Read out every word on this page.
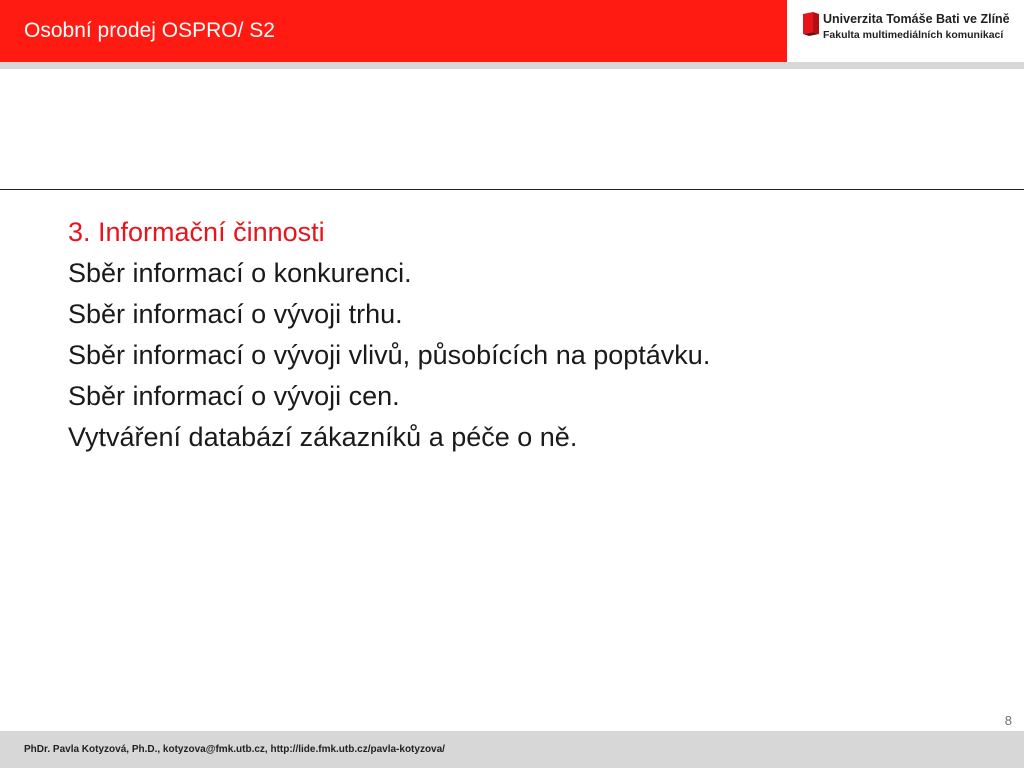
Osobní prodej OSPRO/ S2	Univerzita Tomáše Bati ve Zlíně
Fakulta multimediálních komunikací
3. Informační činnosti
Sběr informací o konkurenci.
Sběr informací o vývoji trhu.
Sběr informací o vývoji vlivů, působících na poptávku.
Sběr informací o vývoji cen.
Vytváření databází zákazníků a péče o ně.
8
PhDr. Pavla Kotyzová, Ph.D., kotyzova@fmk.utb.cz, http://lide.fmk.utb.cz/pavla-kotyzova/
